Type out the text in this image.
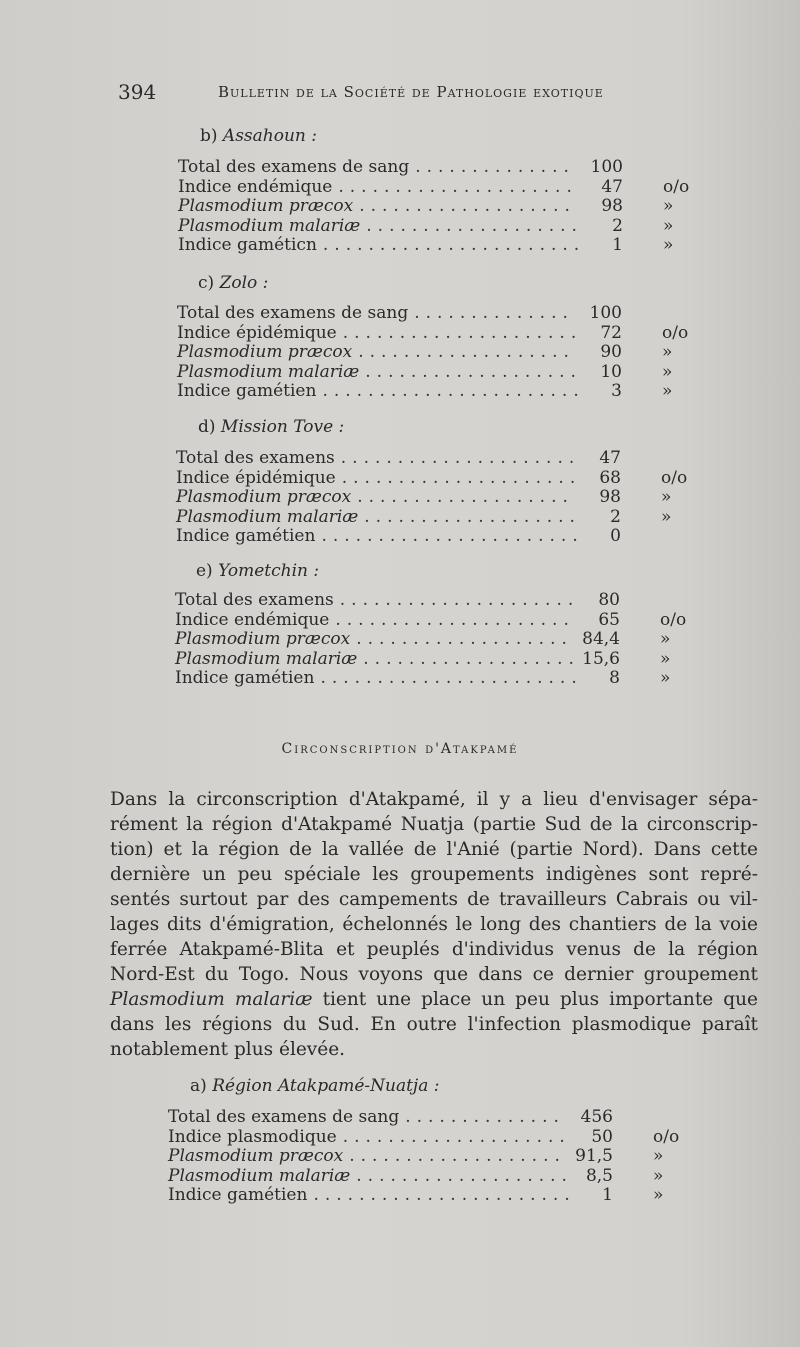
394	Bulletin de la Société de Pathologie exotique
b) Assahoun :
Total des examens de sang .............. 100
Indice endémique ..................... 47 o/o
Plasmodium præcox ................... 98 »
Plasmodium malariæ ................... 2 »
Indice gaméticn ....................... 1 »
c) Zolo :
Total des examens de sang .............. 100
Indice épidémique ..................... 72 o/o
Plasmodium præcox ................... 90 »
Plasmodium malariæ ................... 10 »
Indice gamétien ....................... 3 »
d) Mission Tove :
Total des examens ..................... 47
Indice épidémique ..................... 68 o/o
Plasmodium præcox ................... 98 »
Plasmodium malariæ ................... 2 »
Indice gamétien ....................... 0
e) Yometchin :
Total des examens ..................... 80
Indice endémique ..................... 65 o/o
Plasmodium præcox ................... 84,4 »
Plasmodium malariæ ................... 15,6 »
Indice gamétien ....................... 8 »
Circonscription d'Atakpamé
Dans la circonscription d'Atakpamé, il y a lieu d'envisager sépa-
rément la région d'Atakpamé Nuatja (partie Sud de la circonscrip-
tion) et la région de la vallée de l'Anié (partie Nord). Dans cette
dernière un peu spéciale les groupements indigènes sont repré-
sentés surtout par des campements de travailleurs Cabrais ou vil-
lages dits d'émigration, échelonnés le long des chantiers de la voie
ferrée Atakpamé-Blita et peuplés d'individus venus de la région
Nord-Est du Togo. Nous voyons que dans ce dernier groupement
Plasmodium malariæ tient une place un peu plus importante que
dans les régions du Sud. En outre l'infection plasmodique paraît
notablement plus élevée.
a) Région Atakpamé-Nuatja :
Total des examens de sang .............. 456
Indice plasmodique .................... 50 o/o
Plasmodium præcox ................... 91,5 »
Plasmodium malariæ ................... 8,5 »
Indice gamétien ....................... 1 »
